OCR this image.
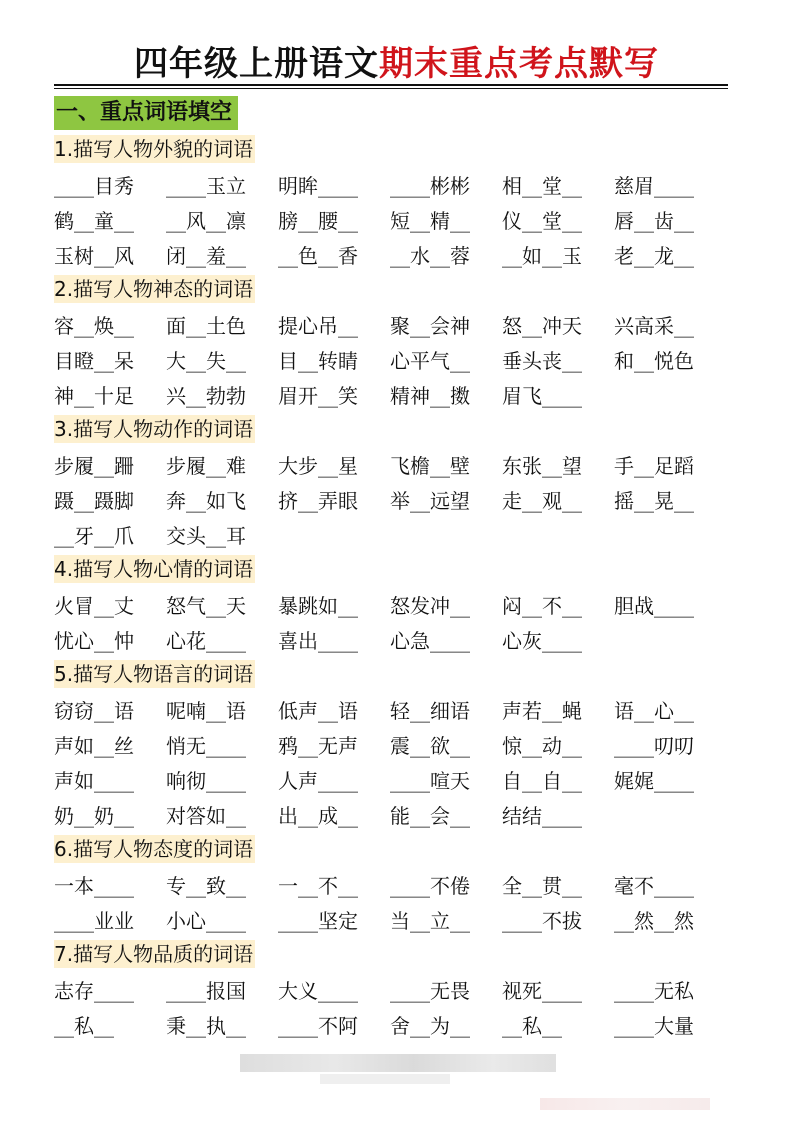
四年级上册语文期末重点考点默写
一、重点词语填空
1.描写人物外貌的词语
____目秀	____玉立	明眸____	____彬彬	相__堂__	慈眉____
鹤__童__	__风__凛	膀__腰__	短__精__	仪__堂__	唇__齿__
玉树__风	闭__羞__	__色__香	__水__蓉	__如__玉	老__龙__
2.描写人物神态的词语
容__焕__	面__土色	提心吊__	聚__会神	怒__冲天	兴高采__
目瞪__呆	大__失__	目__转睛	心平气__	垂头丧__	和__悦色
神__十足	兴__勃勃	眉开__笑	精神__擞	眉飞____
3.描写人物动作的词语
步履__跚	步履__难	大步__星	飞檐__壁	东张__望	手__足蹈
蹑__蹑脚	奔__如飞	挤__弄眼	举__远望	走__观__	摇__晃__
__牙__爪	交头__耳
4.描写人物心情的词语
火冒__丈	怒气__天	暴跳如__	怒发冲__	闷__不__	胆战____
忧心__忡	心花____	喜出____	心急____	心灰____
5.描写人物语言的词语
窃窃__语	呢喃__语	低声__语	轻__细语	声若__蝇	语__心__
声如__丝	悄无____	鸦__无声	震__欲__	惊__动__	____叨叨
声如____	响彻____	人声____	____喧天	自__自__	娓娓____
奶__奶__	对答如__	出__成__	能__会__	结结____
6.描写人物态度的词语
一本____	专__致__	一__不__	____不倦	全__贯__	毫不____
____业业	小心____	____坚定	当__立__	____不拔	__然__然
7.描写人物品质的词语
志存____	____报国	大义____	____无畏	视死____	____无私
__私__	秉__执__	____不阿	舍__为__	__私__	____大量
